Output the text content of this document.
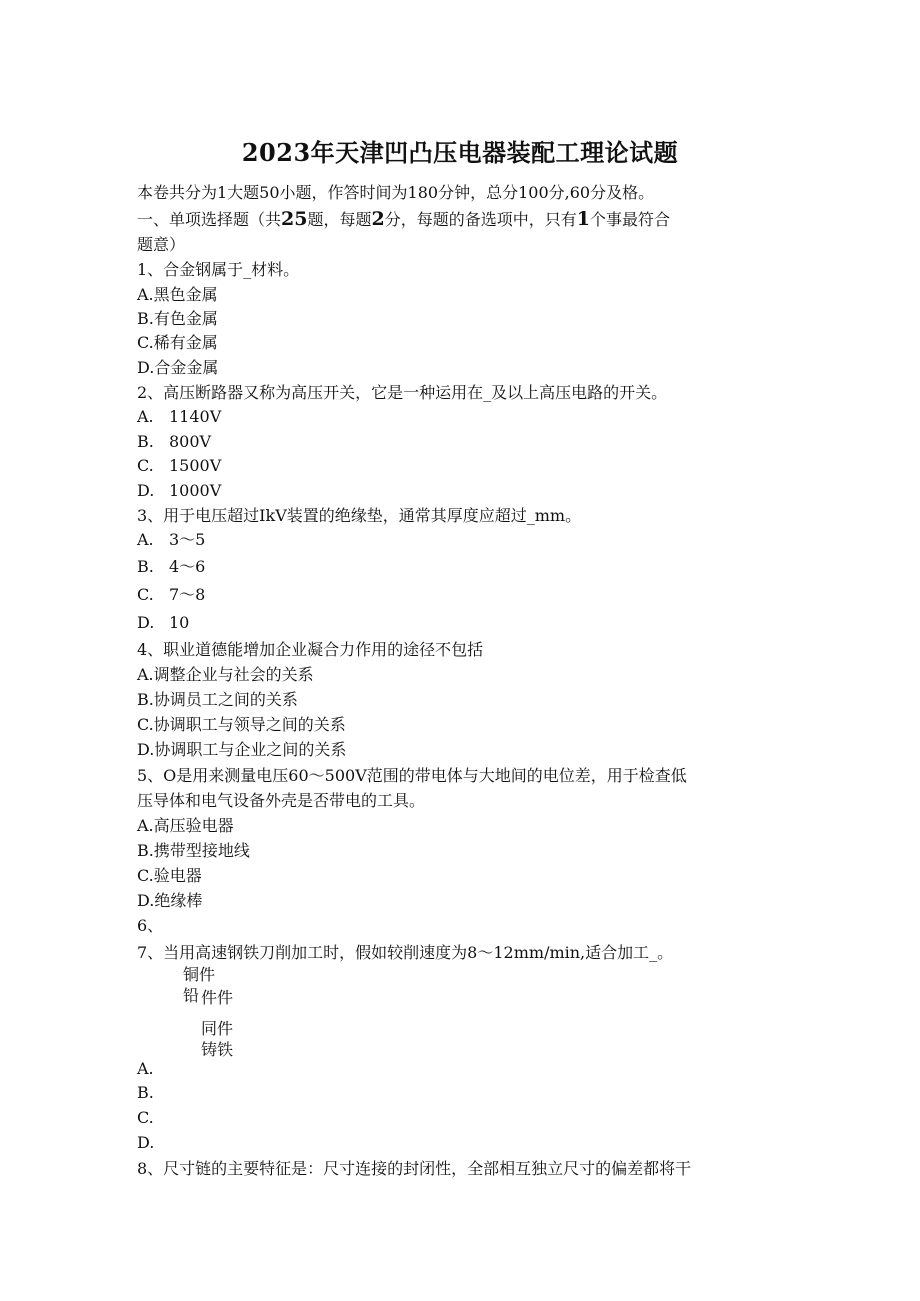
2023年天津凹凸压电器装配工理论试题
本卷共分为1大题50小题，作答时间为180分钟，总分100分,60分及格。
一、单项选择题（共25题，每题2分，每题的备选项中，只有1个事最符合
题意）
1、合金钢属于_材料。
A.黑色金属
B.有色金属
C.稀有金属
D.合金金属
2、高压断路器又称为高压开关，它是一种运用在_及以上高压电路的开关。
A. 1140V
B. 800V
C. 1500V
D. 1000V
3、用于电压超过IkV装置的绝缘垫，通常其厚度应超过_mm。
A. 3～5
B. 4～6
C. 7～8
D. 10
4、职业道德能增加企业凝合力作用的途径不包括
A.调整企业与社会的关系
B.协调员工之间的关系
C.协调职工与领导之间的关系
D.协调职工与企业之间的关系
5、O是用来测量电压60～500V范围的带电体与大地间的电位差，用于检查低
压导体和电气设备外壳是否带电的工具。
A.高压验电器
B.携带型接地线
C.验电器
D.绝缘棒
6、
7、当用高速钢铁刀削加工时，假如较削速度为8～12mm∕min,适合加工_。
铜件
铅 件件
同件
铸铁
A.
B.
C.
D.
8、尺寸链的主要特征是：尺寸连接的封闭性，全部相互独立尺寸的偏差都将干
